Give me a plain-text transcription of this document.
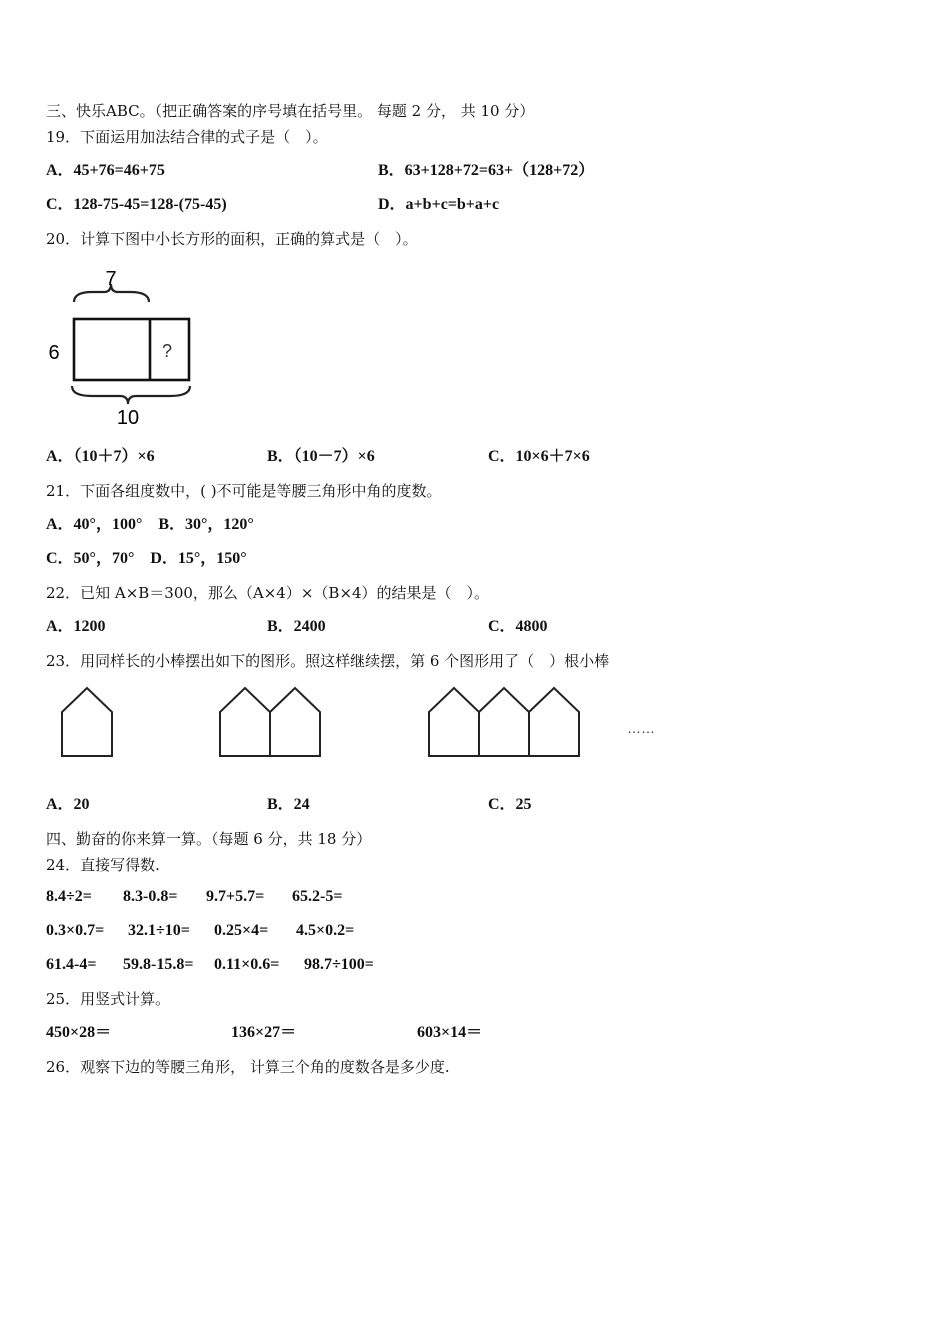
三、快乐ABC。（把正确答案的序号填在括号里。 每题 2 分， 共 10 分）
19．下面运用加法结合律的式子是（　）。
A．45+76=46+75	B．63+128+72=63+（128+72）
C．128-75-45=128-(75-45)	D．a+b+c=b+a+c
20．计算下图中小长方形的面积，正确的算式是（　）。
7
6	?
10
A．（10＋7）×6	B．（10－7）×6	C．10×6＋7×6
21．下面各组度数中，( )不可能是等腰三角形中角的度数。
A．40°，100°　B．30°，120°
C．50°，70°　D．15°，150°
22．已知 A×B＝300，那么（A×4）×（B×4）的结果是（　）。
A．1200	B．2400	C．4800
23．用同样长的小棒摆出如下的图形。照这样继续摆，第 6 个图形用了（　）根小棒
……
A．20	B．24	C．25
四、勤奋的你来算一算。（每题 6 分，共 18 分）
24．直接写得数.
8.4÷2= 8.3-0.8= 9.7+5.7= 65.2-5=
0.3×0.7= 32.1÷10= 0.25×4= 4.5×0.2=
61.4-4= 59.8-15.8= 0.11×0.6= 98.7÷100=
25．用竖式计算。
450×28＝	136×27＝	603×14＝
26．观察下边的等腰三角形， 计算三个角的度数各是多少度.
